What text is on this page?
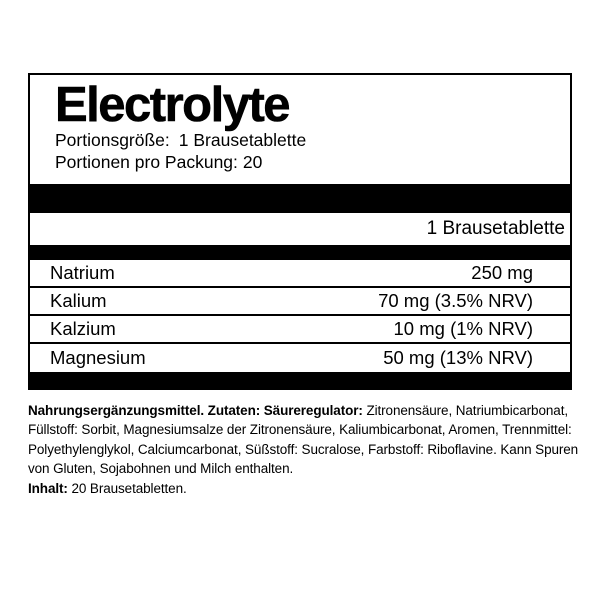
Electrolyte
Portionsgröße: 1 Brausetablette
Portionen pro Packung: 20
1 Brausetablette
Natrium	250 mg
Kalium	70 mg (3.5% NRV)
Kalzium	10 mg (1% NRV)
Magnesium	50 mg (13% NRV)
Nahrungsergänzungsmittel. Zutaten: Säureregulator: Zitronensäure, Natriumbicarbonat,
Füllstoff: Sorbit, Magnesiumsalze der Zitronensäure, Kaliumbicarbonat, Aromen, Trennmittel:
Polyethylenglykol, Calciumcarbonat, Süßstoff: Sucralose, Farbstoff: Riboflavine. Kann Spuren
von Gluten, Sojabohnen und Milch enthalten.
Inhalt: 20 Brausetabletten.
